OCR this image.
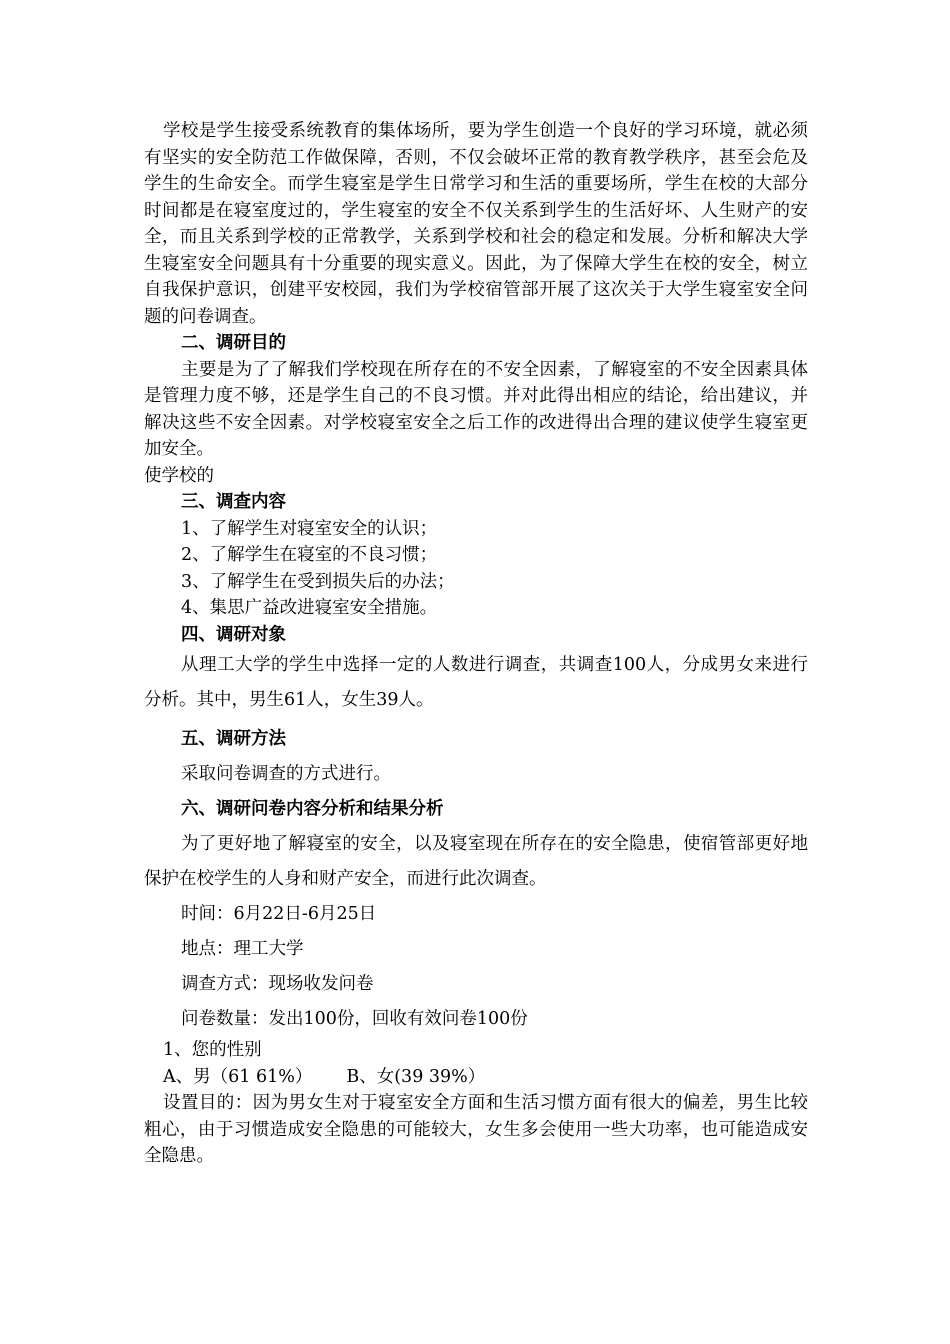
学校是学生接受系统教育的集体场所，要为学生创造一个良好的学习环境，就必须有坚实的安全防范工作做保障，否则，不仅会破坏正常的教育教学秩序，甚至会危及学生的生命安全。而学生寝室是学生日常学习和生活的重要场所，学生在校的大部分时间都是在寝室度过的，学生寝室的安全不仅关系到学生的生活好坏、人生财产的安全，而且关系到学校的正常教学，关系到学校和社会的稳定和发展。分析和解决大学生寝室安全问题具有十分重要的现实意义。因此，为了保障大学生在校的安全，树立自我保护意识，创建平安校园，我们为学校宿管部开展了这次关于大学生寝室安全问题的问卷调查。

二、调研目的

主要是为了了解我们学校现在所存在的不安全因素，了解寝室的不安全因素具体是管理力度不够，还是学生自己的不良习惯。并对此得出相应的结论，给出建议，并解决这些不安全因素。对学校寝室安全之后工作的改进得出合理的建议使学生寝室更加安全。

使学校的

三、调查内容

1、了解学生对寝室安全的认识；

2、了解学生在寝室的不良习惯；

3、了解学生在受到损失后的办法；

4、集思广益改进寝室安全措施。

四、调研对象

从理工大学的学生中选择一定的人数进行调查，共调查100人，分成男女来进行分析。其中，男生61人，女生39人。

五、调研方法

采取问卷调查的方式进行。

六、调研问卷内容分析和结果分析

为了更好地了解寝室的安全，以及寝室现在所存在的安全隐患，使宿管部更好地保护在校学生的人身和财产安全，而进行此次调查。

时间：6月22日-6月25日

地点：理工大学

调查方式：现场收发问卷

问卷数量：发出100份，回收有效问卷100份

1、您的性别

A、男（61 61%） B、女(39 39%）

设置目的：因为男女生对于寝室安全方面和生活习惯方面有很大的偏差，男生比较粗心，由于习惯造成安全隐患的可能较大，女生多会使用一些大功率，也可能造成安全隐患。
